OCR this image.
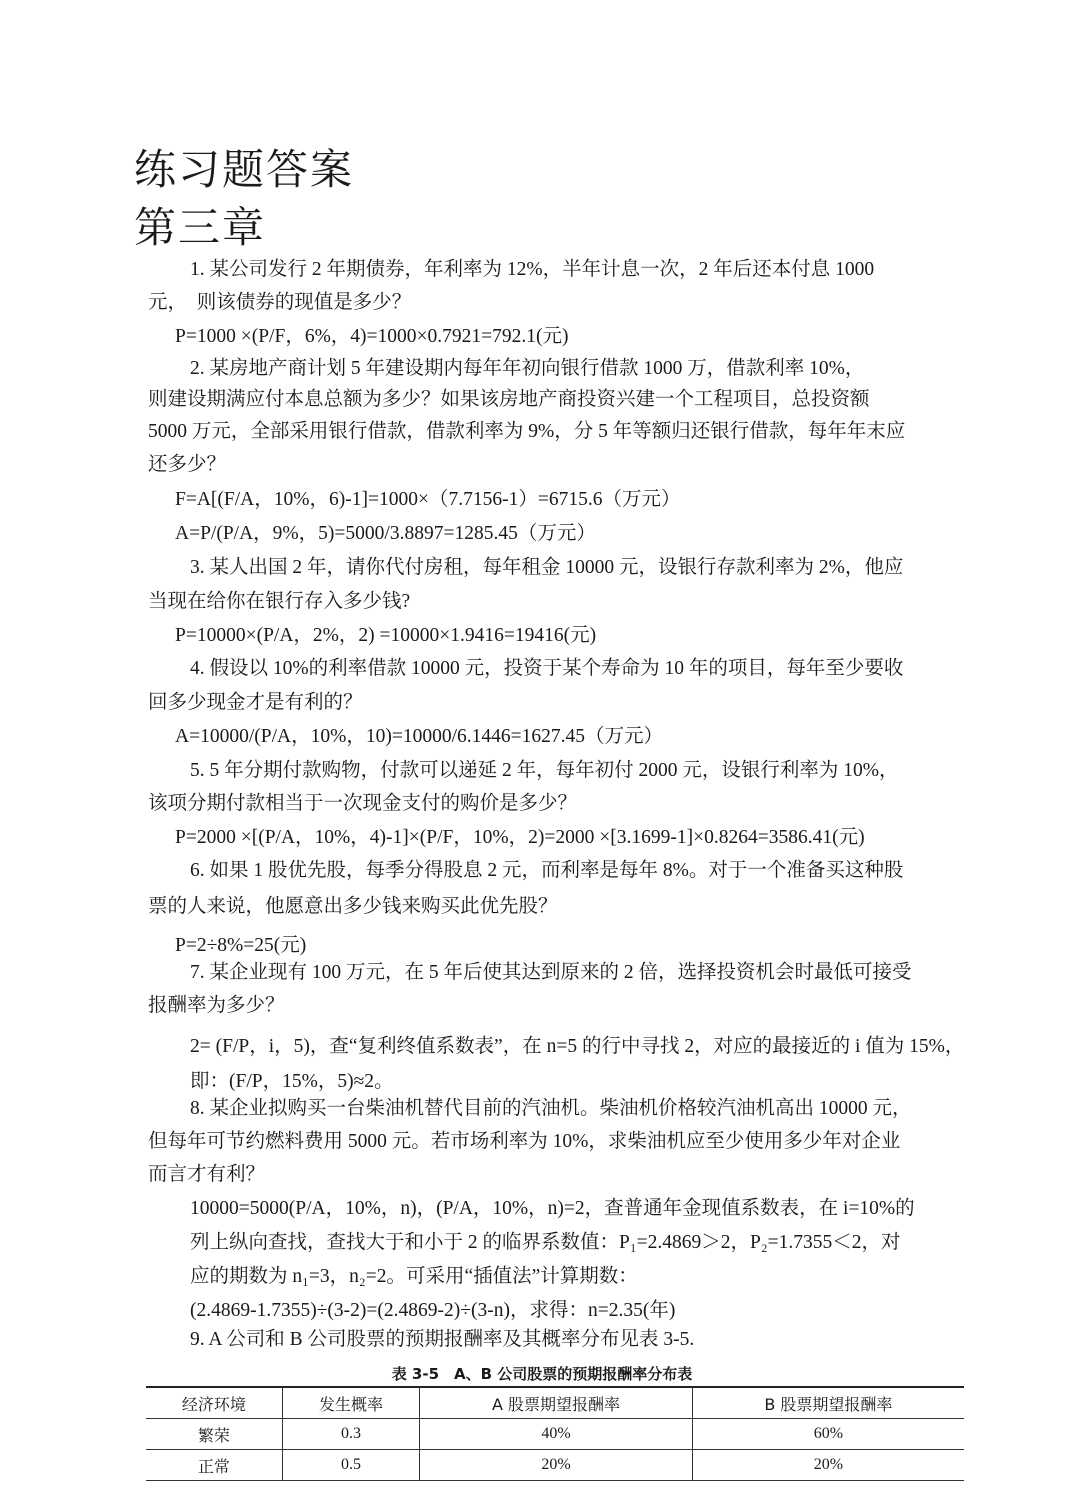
练习题答案
第三章
1. 某公司发行 2 年期债券，年利率为 12%，半年计息一次，2 年后还本付息 1000
元，　则该债券的现值是多少？
P=1000 ×(P/F，6%，4)=1000×0.7921=792.1(元)
2. 某房地产商计划 5 年建设期内每年年初向银行借款 1000 万，借款利率 10%，
则建设期满应付本息总额为多少？如果该房地产商投资兴建一个工程项目，总投资额
5000 万元，全部采用银行借款，借款利率为 9%，分 5 年等额归还银行借款，每年年末应
还多少？
F=A[(F/A，10%，6)-1]=1000×（7.7156-1）=6715.6（万元）
A=P/(P/A，9%，5)=5000/3.8897=1285.45（万元）
3. 某人出国 2 年，请你代付房租，每年租金 10000 元，设银行存款利率为 2%，他应
当现在给你在银行存入多少钱?
P=10000×(P/A，2%，2) =10000×1.9416=19416(元)
4. 假设以 10%的利率借款 10000 元，投资于某个寿命为 10 年的项目，每年至少要收
回多少现金才是有利的？
A=10000/(P/A，10%，10)=10000/6.1446=1627.45（万元）
5. 5 年分期付款购物，付款可以递延 2 年，每年初付 2000 元，设银行利率为 10%，
该项分期付款相当于一次现金支付的购价是多少？
P=2000 ×[(P/A，10%，4)-1]×(P/F，10%，2)=2000 ×[3.1699-1]×0.8264=3586.41(元)
6. 如果 1 股优先股，每季分得股息 2 元，而利率是每年 8%。对于一个准备买这种股
票的人来说，他愿意出多少钱来购买此优先股？
P=2÷8%=25(元)
7. 某企业现有 100 万元，在 5 年后使其达到原来的 2 倍，选择投资机会时最低可接受
报酬率为多少？
2= (F/P，i，5)，查“复利终值系数表”，在 n=5 的行中寻找 2，对应的最接近的 i 值为 15%，
即：(F/P，15%，5)≈2。
8. 某企业拟购买一台柴油机替代目前的汽油机。柴油机价格较汽油机高出 10000 元，
但每年可节约燃料费用 5000 元。若市场利率为 10%，求柴油机应至少使用多少年对企业
而言才有利？
10000=5000(P/A，10%，n)，(P/A，10%，n)=2，查普通年金现值系数表，在 i=10%的
列上纵向查找，查找大于和小于 2 的临界系数值：P₁=2.4869＞2，P₂=1.7355＜2，对
应的期数为 n₁=3，n₂=2。可采用“插值法”计算期数：
(2.4869-1.7355)÷(3-2)=(2.4869-2)÷(3-n)，求得：n=2.35(年)
9. A 公司和 B 公司股票的预期报酬率及其概率分布见表 3-5.
表 3-5　A、B 公司股票的预期报酬率分布表
经济环境	发生概率	A 股票期望报酬率	B 股票期望报酬率
繁荣	0.3	40%	60%
正常	0.5	20%	20%
